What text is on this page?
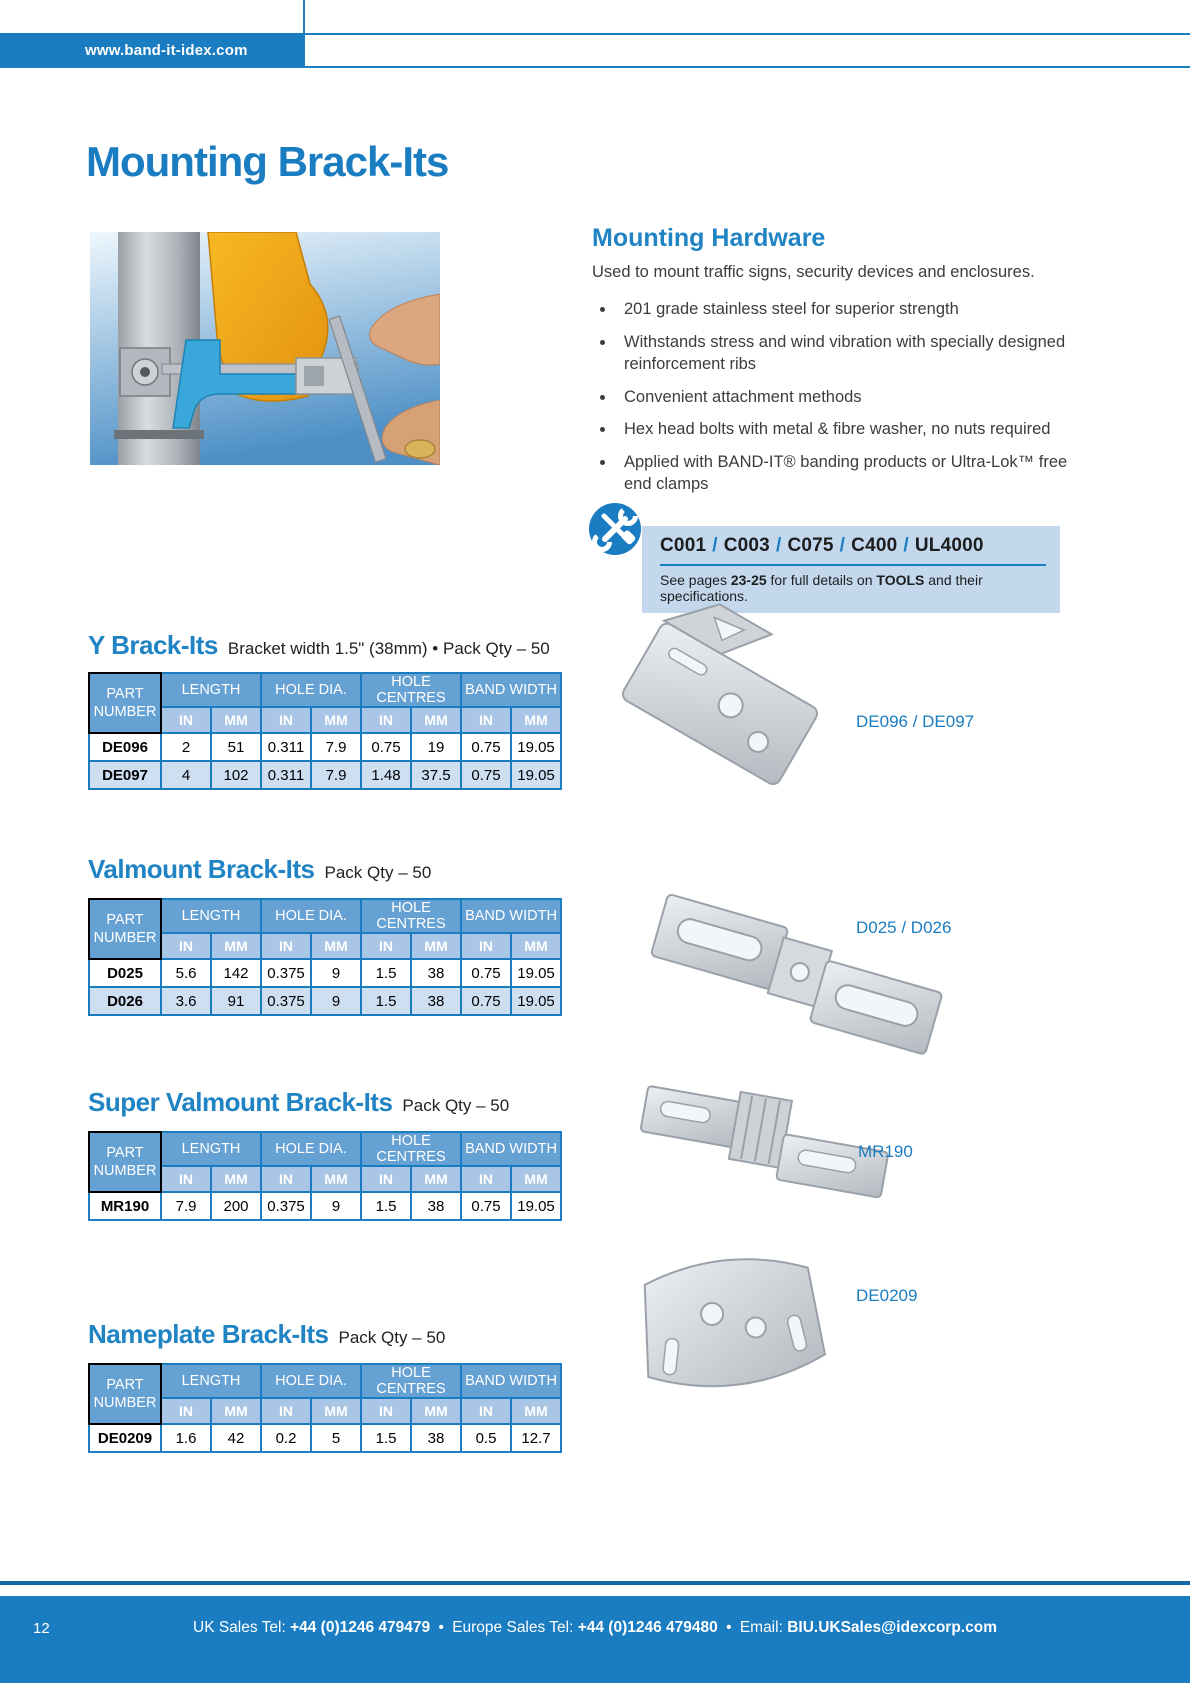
www.band-it-idex.com
Mounting Brack-Its
Mounting Hardware

Used to mount traffic signs, security devices and enclosures.

• 201 grade stainless steel for superior strength
• Withstands stress and wind vibration with specially designed reinforcement ribs
• Convenient attachment methods
• Hex head bolts with metal & fibre washer, no nuts required
• Applied with BAND-IT® banding products or Ultra-Lok™ free end clamps
C001 / C003 / C075 / C400 / UL4000

See pages 23-25 for full details on TOOLS and their specifications.

Y Brack-Its Bracket width 1.5" (38mm) • Pack Qty – 50
PART NUMBER	LENGTH		HOLE DIA.		HOLE CENTRES		BAND WIDTH	
	IN	MM	IN	MM	IN	MM	IN	MM
DE096	2	51	0.311	7.9	0.75	19	0.75	19.05
DE097	4	102	0.311	7.9	1.48	37.5	0.75	19.05
Valmount Brack-Its Pack Qty – 50
PART NUMBER	LENGTH		HOLE DIA.		HOLE CENTRES		BAND WIDTH	
	IN	MM	IN	MM	IN	MM	IN	MM
D025	5.6	142	0.375	9	1.5	38	0.75	19.05
D026	3.6	91	0.375	9	1.5	38	0.75	19.05
Super Valmount Brack-Its Pack Qty – 50
PART NUMBER	LENGTH		HOLE DIA.		HOLE CENTRES		BAND WIDTH	
	IN	MM	IN	MM	IN	MM	IN	MM
MR190	7.9	200	0.375	9	1.5	38	0.75	19.05
Nameplate Brack-Its Pack Qty – 50
PART NUMBER	LENGTH		HOLE DIA.		HOLE CENTRES		BAND WIDTH	
	IN	MM	IN	MM	IN	MM	IN	MM
DE0209	1.6	42	0.2	5	1.5	38	0.5	12.7
DE096 / DE097
D025 / D026
MR190
DE0209
12	UK Sales Tel: +44 (0)1246 479479 • Europe Sales Tel: +44 (0)1246 479480 • Email: BIU.UKSales@idexcorp.com
